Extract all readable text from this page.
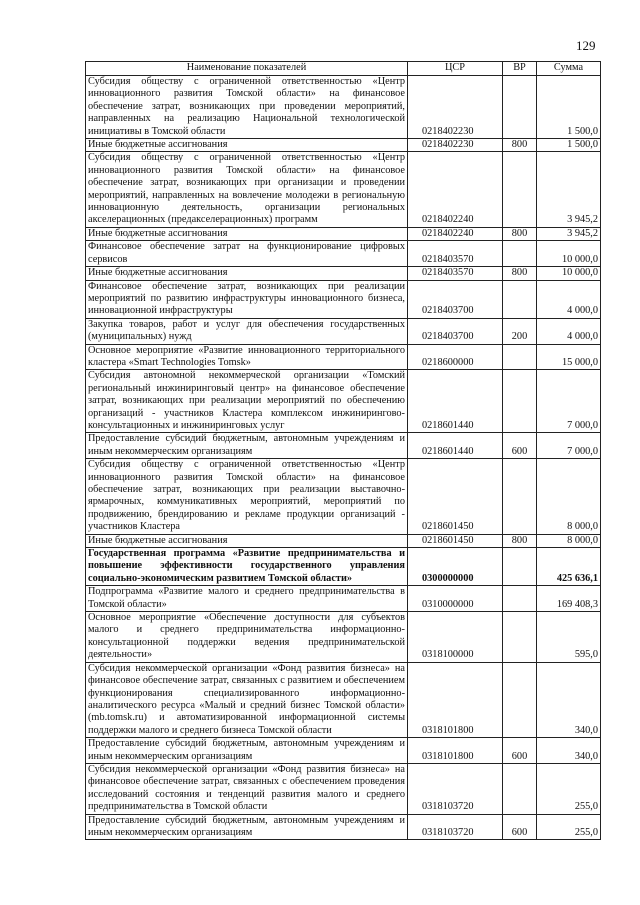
129
Наименование показателей	ЦСР	ВР	Сумма
Субсидия обществу с ограниченной ответственностью «Центр инновационного развития Томской области» на финансовое обеспечение затрат, возникающих при проведении мероприятий, направленных на реализацию Национальной технологической инициативы в Томской области	0218402230		1 500,0
Иные бюджетные ассигнования	0218402230	800	1 500,0
Субсидия обществу с ограниченной ответственностью «Центр инновационного развития Томской области» на финансовое обеспечение затрат, возникающих при организации и проведении мероприятий, направленных на вовлечение молодежи в региональную инновационную деятельность, организации региональных акселерационных (предакселерационных) программ	0218402240		3 945,2
Иные бюджетные ассигнования	0218402240	800	3 945,2
Финансовое обеспечение затрат на функционирование цифровых сервисов	0218403570		10 000,0
Иные бюджетные ассигнования	0218403570	800	10 000,0
Финансовое обеспечение затрат, возникающих при реализации мероприятий по развитию инфраструктуры инновационного бизнеса, инновационной инфраструктуры	0218403700		4 000,0
Закупка товаров, работ и услуг для обеспечения государственных (муниципальных) нужд	0218403700	200	4 000,0
Основное мероприятие «Развитие инновационного территориального кластера «Smart Technologies Tomsk»	0218600000		15 000,0
Субсидия автономной некоммерческой организации «Томский региональный инжиниринговый центр» на финансовое обеспечение затрат, возникающих при реализации мероприятий по обеспечению организаций - участников Кластера комплексом инжинирингово-консультационных и инжиниринговых услуг	0218601440		7 000,0
Предоставление субсидий бюджетным, автономным учреждениям и иным некоммерческим организациям	0218601440	600	7 000,0
Субсидия обществу с ограниченной ответственностью «Центр инновационного развития Томской области» на финансовое обеспечение затрат, возникающих при реализации выставочно-ярмарочных, коммуникативных мероприятий, мероприятий по продвижению, брендированию и рекламе продукции организаций - участников Кластера	0218601450		8 000,0
Иные бюджетные ассигнования	0218601450	800	8 000,0
Государственная программа «Развитие предпринимательства и повышение эффективности государственного управления социально-экономическим развитием Томской области»	0300000000		425 636,1
Подпрограмма «Развитие малого и среднего предпринимательства в Томской области»	0310000000		169 408,3
Основное мероприятие «Обеспечение доступности для субъектов малого и среднего предпринимательства информационно-консультационной поддержки ведения предпринимательской деятельности»	0318100000		595,0
Субсидия некоммерческой организации «Фонд развития бизнеса» на финансовое обеспечение затрат, связанных с развитием и обеспечением функционирования специализированного информационно-аналитического ресурса «Малый и средний бизнес Томской области» (mb.tomsk.ru) и автоматизированной информационной системы поддержки малого и среднего бизнеса Томской области	0318101800		340,0
Предоставление субсидий бюджетным, автономным учреждениям и иным некоммерческим организациям	0318101800	600	340,0
Субсидия некоммерческой организации «Фонд развития бизнеса» на финансовое обеспечение затрат, связанных с обеспечением проведения исследований состояния и тенденций развития малого и среднего предпринимательства в Томской области	0318103720		255,0
Предоставление субсидий бюджетным, автономным учреждениям и иным некоммерческим организациям	0318103720	600	255,0
